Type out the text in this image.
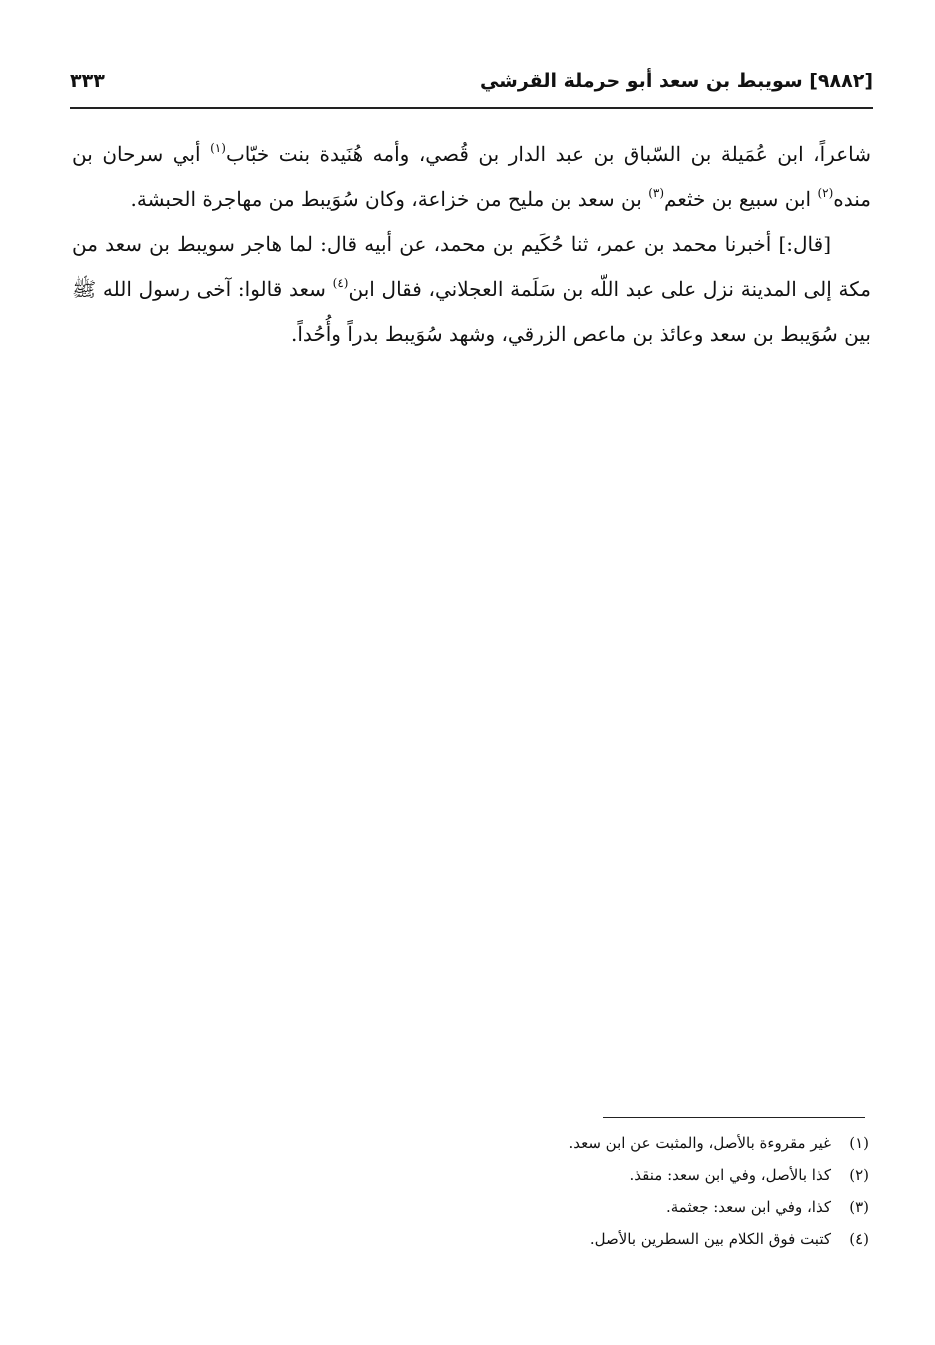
[٩٨٨٢] سويبط بن سعد أبو حرملة القرشي
٣٣٣

شاعراً، ابن عُمَيلة بن السّباق بن عبد الدار بن قُصي، وأمه هُنَيدة بنت خبّاب$^{(١)}$ أبي سرحان بن منده$^{(٢)}$ ابن سبيع بن خثعم$^{(٣)}$ بن سعد بن مليح من خزاعة، وكان سُوَيبط من مهاجرة الحبشة.

[قال:] أخبرنا محمد بن عمر، ثنا حُكَيم بن محمد، عن أبيه قال: لما هاجر سويبط بن سعد من مكة إلى المدينة نزل على عبد اللّه بن سَلَمة العجلاني، فقال ابن$^{(٤)}$ سعد قالوا: آخى رسول الله ﷺ بين سُوَيبط بن سعد وعائذ بن ماعص الزرقي، وشهد سُوَيبط بدراً وأُحُداً.

(١)غير مقروءة بالأصل، والمثبت عن ابن سعد.
(٢)كذا بالأصل، وفي ابن سعد: منقذ.
(٣)كذا، وفي ابن سعد: جعثمة.
(٤)كتبت فوق الكلام بين السطرين بالأصل.
